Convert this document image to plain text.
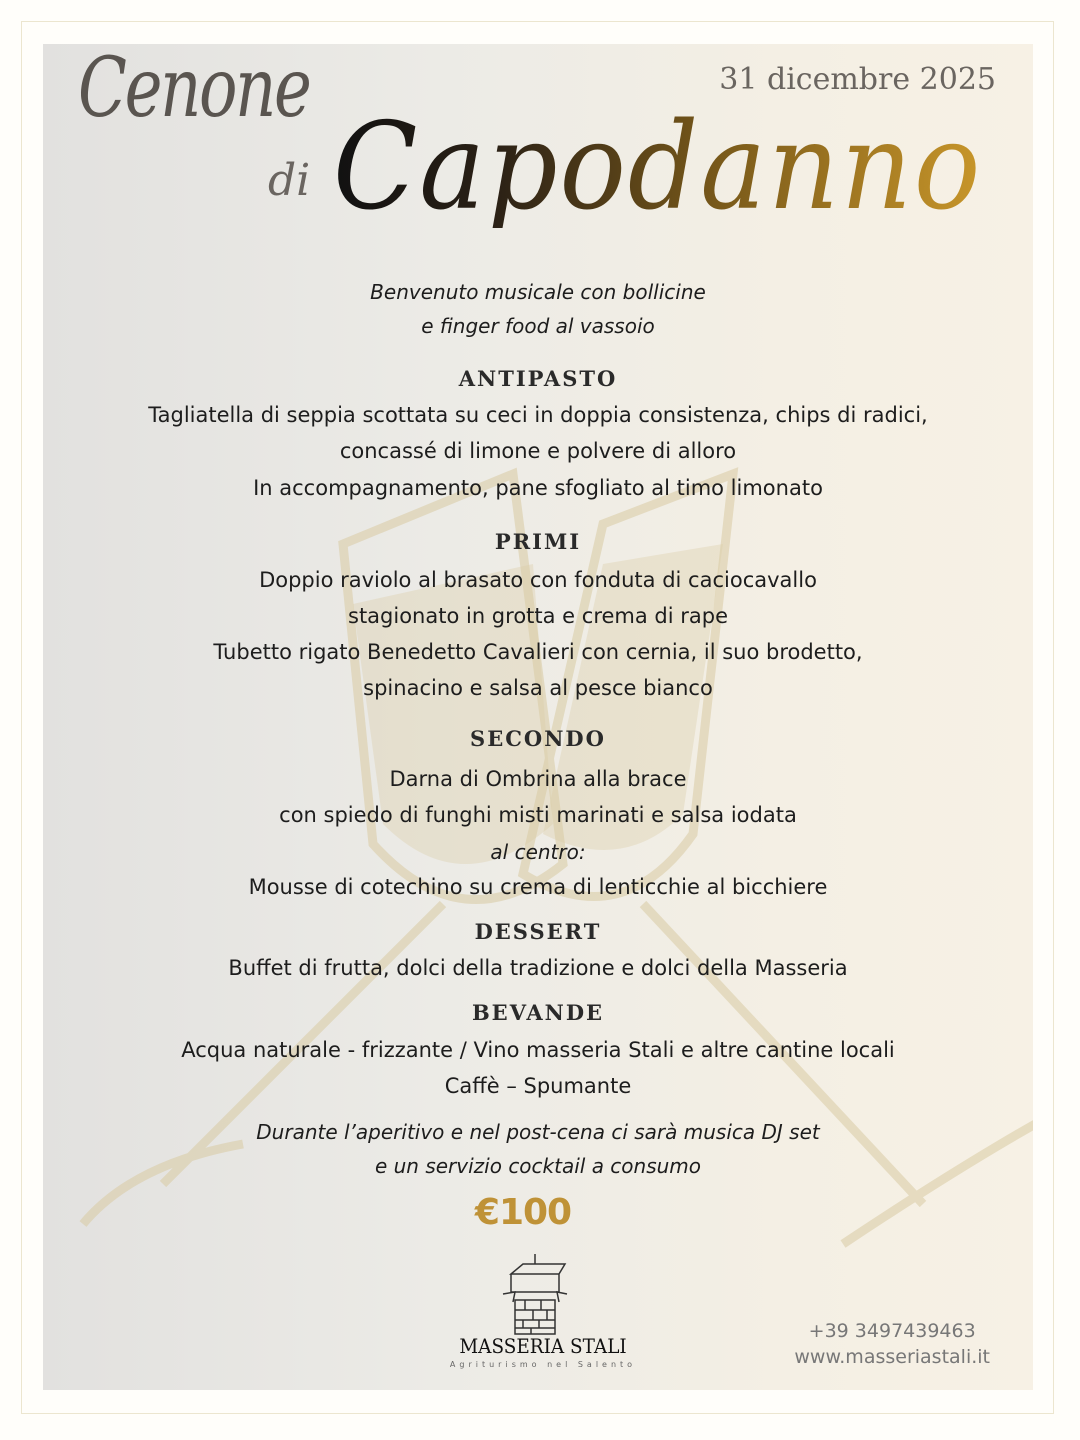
Cenone
di Capodanno
31 dicembre 2025
Benvenuto musicale con bollicine
e finger food al vassoio
ANTIPASTO
Tagliatella di seppia scottata su ceci in doppia consistenza, chips di radici,
concassé di limone e polvere di alloro
In accompagnamento, pane sfogliato al timo limonato
PRIMI
Doppio raviolo al brasato con fonduta di caciocavallo
stagionato in grotta e crema di rape
Tubetto rigato Benedetto Cavalieri con cernia, il suo brodetto,
spinacino e salsa al pesce bianco
SECONDO
Darna di Ombrina alla brace
con spiedo di funghi misti marinati e salsa iodata
al centro:
Mousse di cotechino su crema di lenticchie al bicchiere
DESSERT
Buffet di frutta, dolci della tradizione e dolci della Masseria
BEVANDE
Acqua naturale - frizzante / Vino masseria Stali e altre cantine locali
Caffè – Spumante
Durante l’aperitivo e nel post-cena ci sarà musica DJ set
e un servizio cocktail a consumo
€100
MASSERIA STALI
Agriturismo nel Salento
+39 3497439463
www.masseriastali.it
